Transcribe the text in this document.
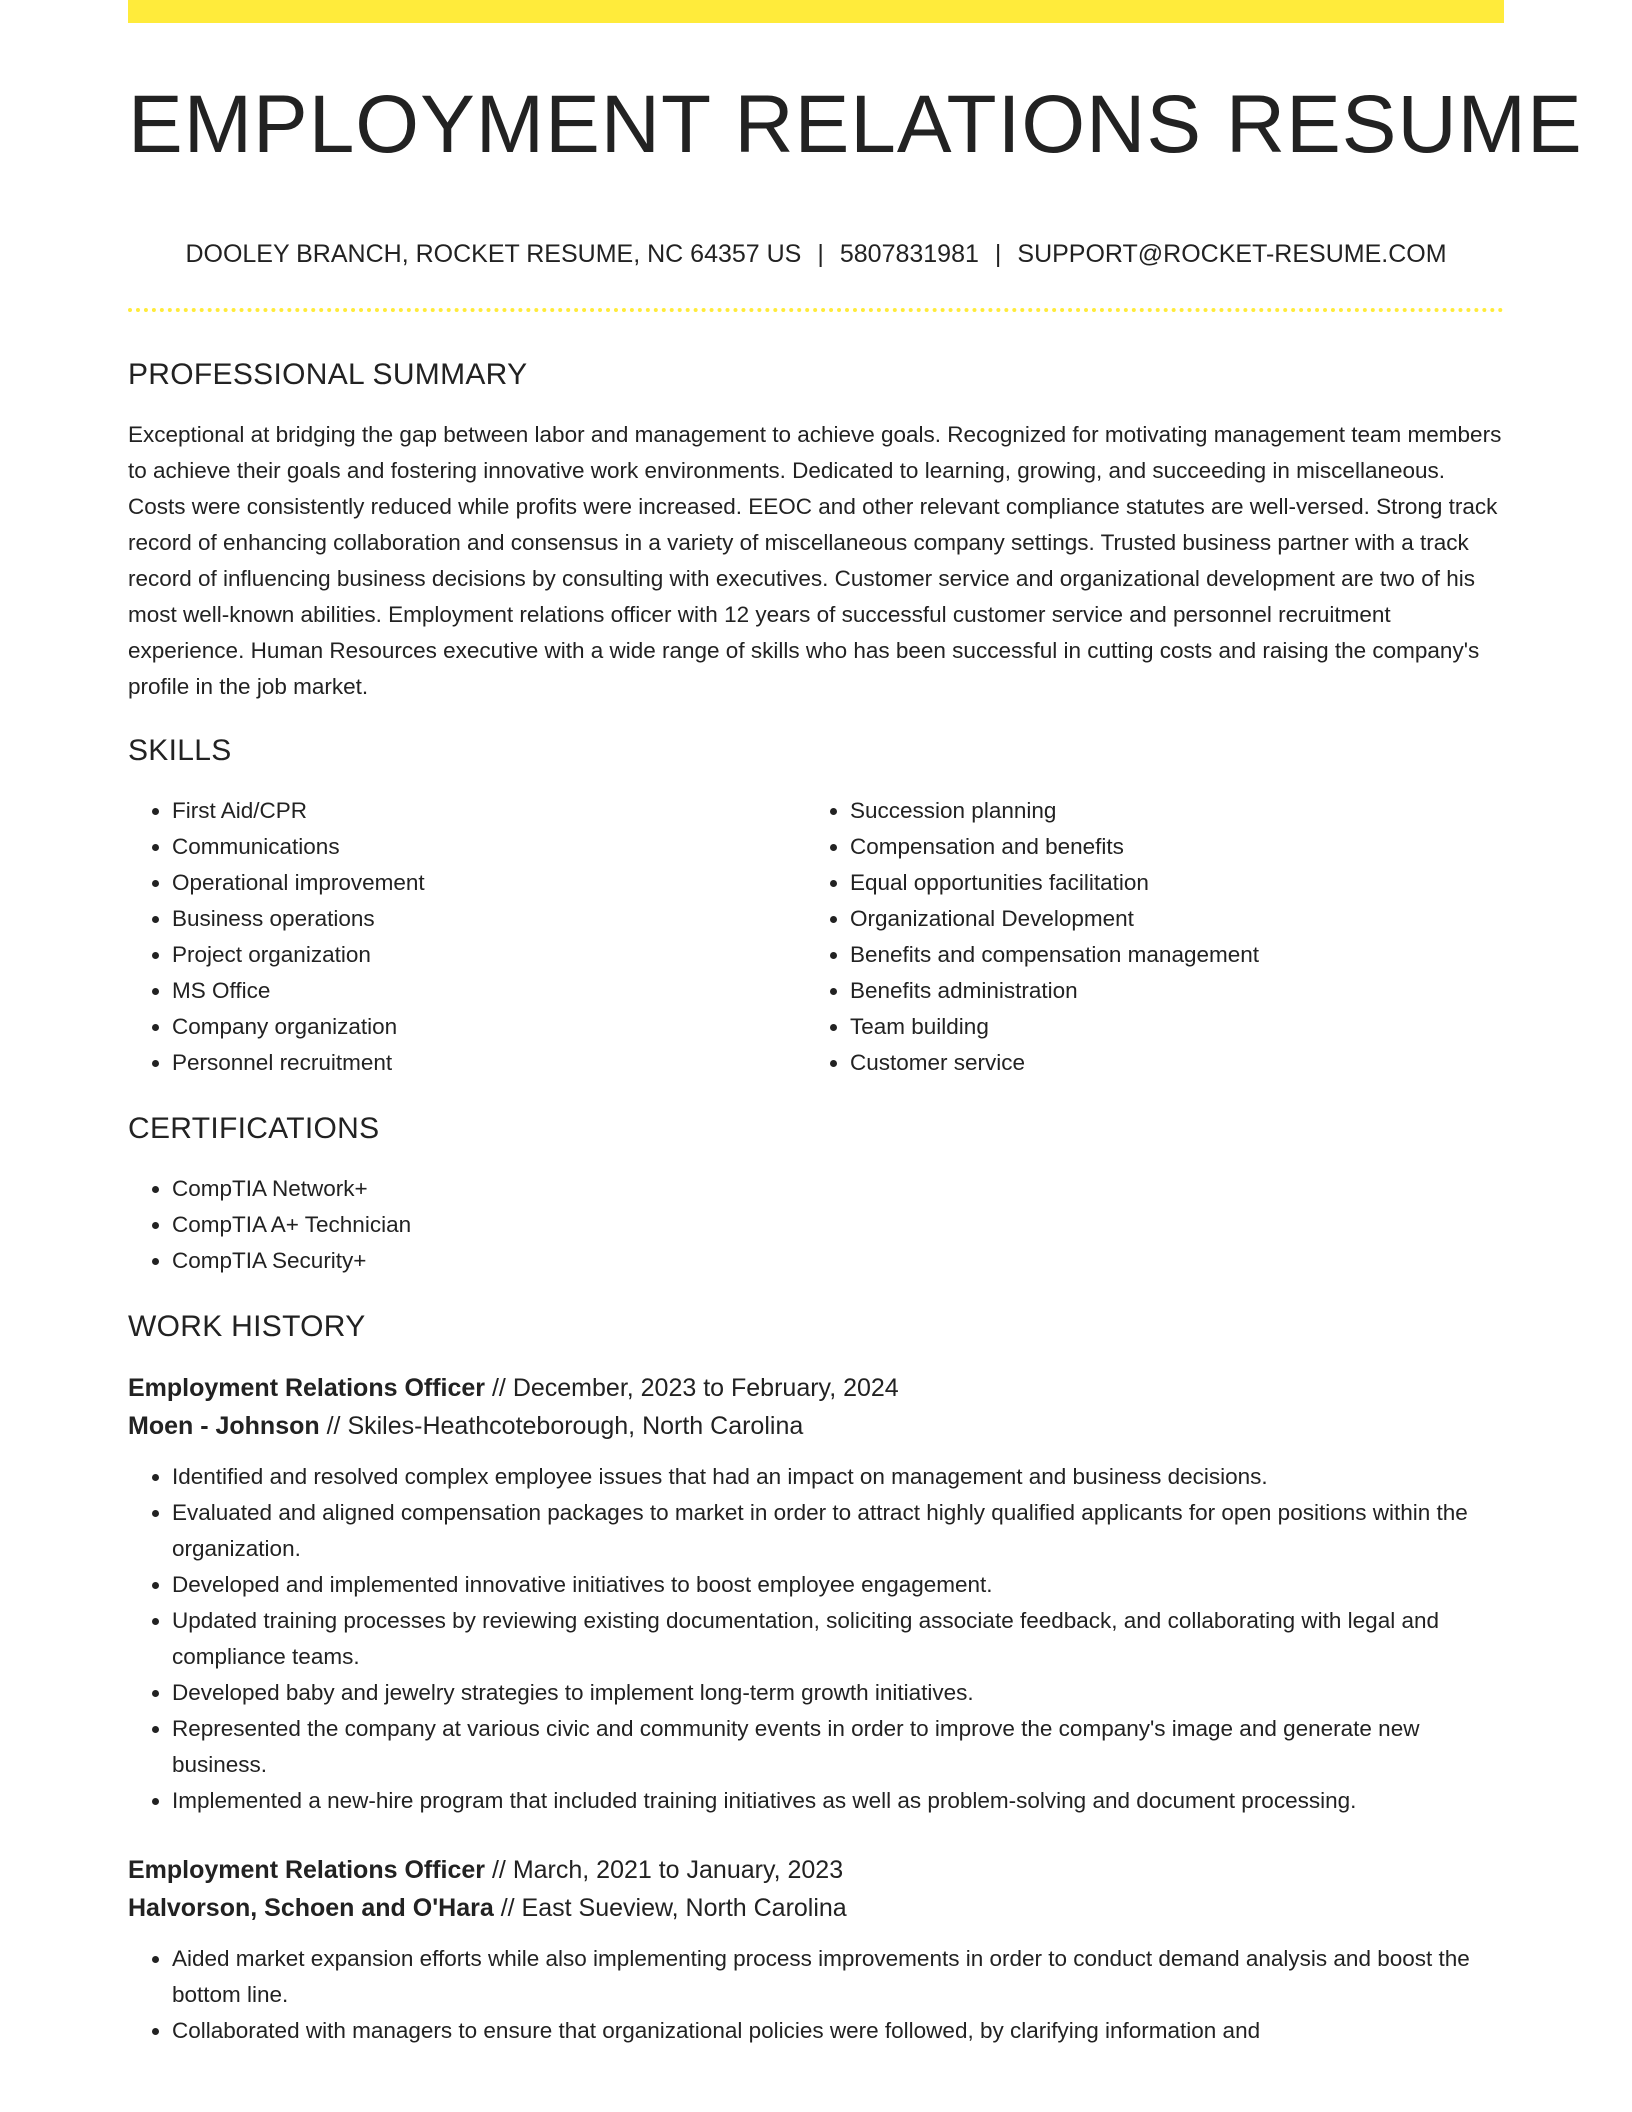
EMPLOYMENT RELATIONS RESUME
DOOLEY BRANCH, ROCKET RESUME, NC 64357 US | 5807831981 | SUPPORT@ROCKET-RESUME.COM
PROFESSIONAL SUMMARY

Exceptional at bridging the gap between labor and management to achieve goals. Recognized for motivating management team members to achieve their goals and fostering innovative work environments. Dedicated to learning, growing, and succeeding in miscellaneous. Costs were consistently reduced while profits were increased. EEOC and other relevant compliance statutes are well-versed. Strong track record of enhancing collaboration and consensus in a variety of miscellaneous company settings. Trusted business partner with a track record of influencing business decisions by consulting with executives. Customer service and organizational development are two of his most well-known abilities. Employment relations officer with 12 years of successful customer service and personnel recruitment experience. Human Resources executive with a wide range of skills who has been successful in cutting costs and raising the company's profile in the job market.

SKILLS
• First Aid/CPR
• Communications
• Operational improvement
• Business operations
• Project organization
• MS Office
• Company organization
• Personnel recruitment
• Succession planning
• Compensation and benefits
• Equal opportunities facilitation
• Organizational Development
• Benefits and compensation management
• Benefits administration
• Team building
• Customer service
CERTIFICATIONS
• CompTIA Network+
• CompTIA A+ Technician
• CompTIA Security+
WORK HISTORY
Employment Relations Officer // December, 2023 to February, 2024
Moen - Johnson // Skiles-Heathcoteborough, North Carolina
• Identified and resolved complex employee issues that had an impact on management and business decisions.
• Evaluated and aligned compensation packages to market in order to attract highly qualified applicants for open positions within the organization.
• Developed and implemented innovative initiatives to boost employee engagement.
• Updated training processes by reviewing existing documentation, soliciting associate feedback, and collaborating with legal and compliance teams.
• Developed baby and jewelry strategies to implement long-term growth initiatives.
• Represented the company at various civic and community events in order to improve the company's image and generate new business.
• Implemented a new-hire program that included training initiatives as well as problem-solving and document processing.
Employment Relations Officer // March, 2021 to January, 2023
Halvorson, Schoen and O'Hara // East Sueview, North Carolina
• Aided market expansion efforts while also implementing process improvements in order to conduct demand analysis and boost the bottom line.
• Collaborated with managers to ensure that organizational policies were followed, by clarifying information and
